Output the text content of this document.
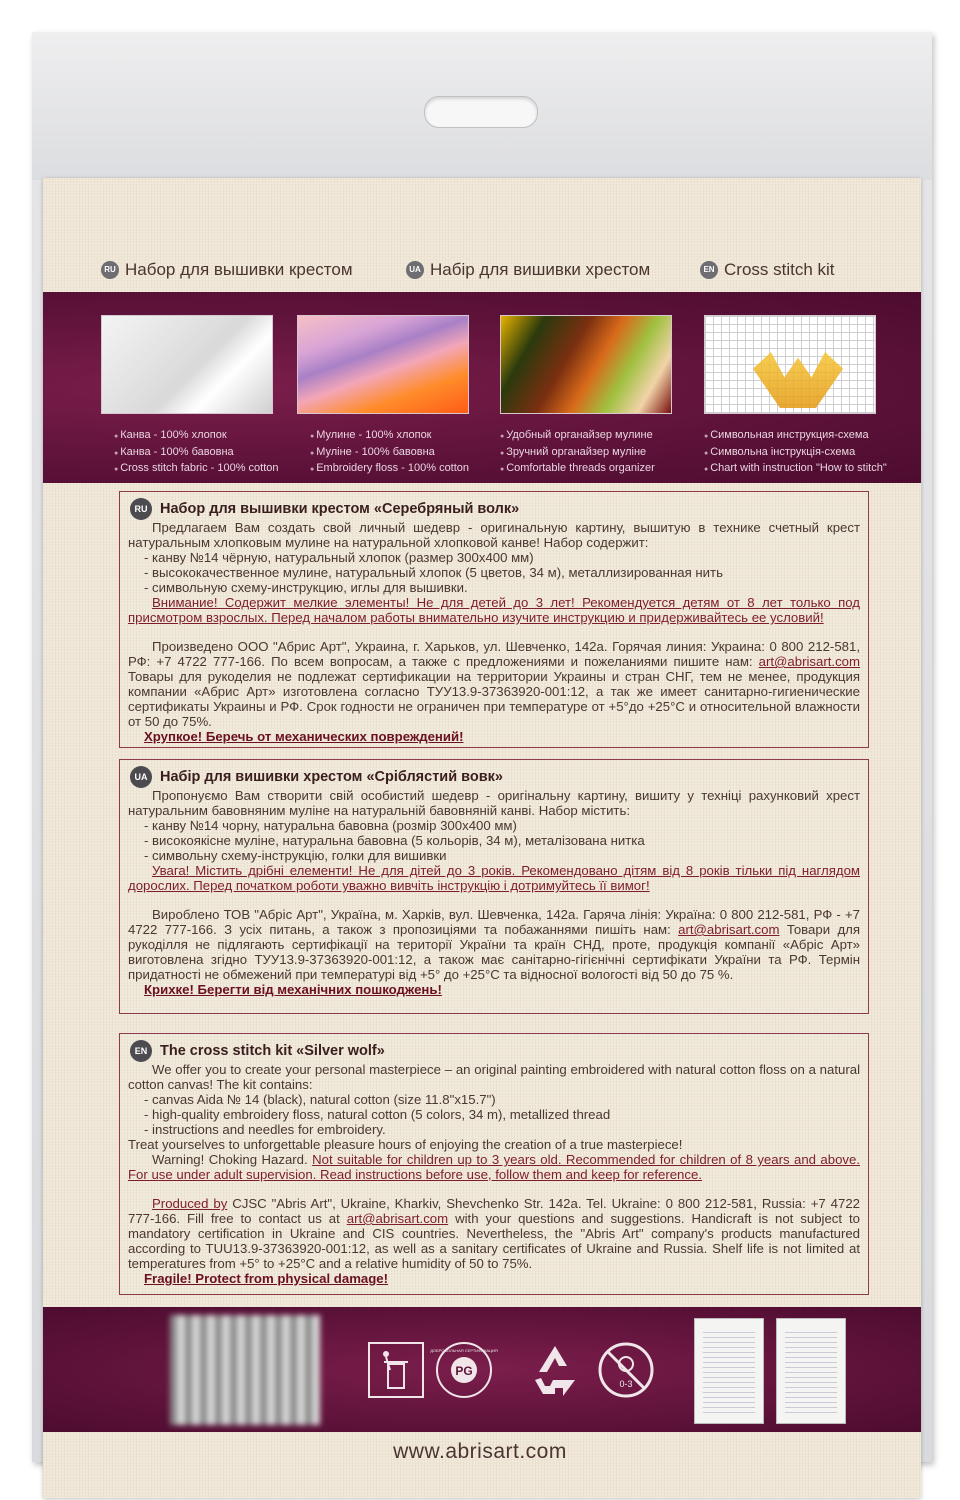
RU Набор для вышивки крестом	UA Набір для вишивки хрестом	EN Cross stitch kit
● Канва - 100% хлопок
● Канва - 100% бавовна
● Cross stitch fabric - 100% cotton
● Мулине - 100% хлопок
● Муліне - 100% бавовна
● Embroidery floss - 100% cotton
● Удобный органайзер мулине
● Зручний органайзер муліне
● Comfortable threads organizer
● Символьная инструкция-схема
● Символьна інструкція-схема
● Chart with instruction "How to stitch"
RU Набор для вышивки крестом «Серебряный волк»
Предлагаем Вам создать свой личный шедевр - оригинальную картину, вышитую в технике счетный крест натуральным хлопковым мулине на натуральной хлопковой канве! Набор содержит:
- канву №14 чёрную, натуральный хлопок (размер 300х400 мм)
- высококачественное мулине, натуральный хлопок (5 цветов, 34 м), металлизированная нить
- символьную схему-инструкцию, иглы для вышивки.
Внимание! Содержит мелкие элементы! Не для детей до 3 лет! Рекомендуется детям от 8 лет только под присмотром взрослых. Перед началом работы внимательно изучите инструкцию и придерживайтесь ее условий!
Произведено ООО "Абрис Арт", Украина, г. Харьков, ул. Шевченко, 142а. Горячая линия: Украина: 0 800 212-581, РФ: +7 4722 777-166. По всем вопросам, а также с предложениями и пожеланиями пишите нам: art@abrisart.com Товары для рукоделия не подлежат сертификации на территории Украины и стран СНГ, тем не менее, продукция компании «Абрис Арт» изготовлена согласно ТУУ13.9-37363920-001:12, а так же имеет санитарно-гигиенические сертификаты Украины и РФ. Срок годности не ограничен при температуре от +5°до +25°С и относительной влажности от 50 до 75%.
Хрупкое! Беречь от механических повреждений!
UA Набір для вишивки хрестом «Сріблястий вовк»
Пропонуємо Вам створити свій особистий шедевр - оригінальну картину, вишиту у техніці рахунковий хрест натуральним бавовняним муліне на натуральній бавовняній канві. Набор містить:
- канву №14 чорну, натуральна бавовна (розмір 300х400 мм)
- високоякісне муліне, натуральна бавовна (5 кольорів, 34 м), металізована нитка
- символьну схему-інструкцію, голки для вишивки
Увага! Містить дрібні елементи! Не для дітей до 3 років. Рекомендовано дітям від 8 років тільки під наглядом дорослих. Перед початком роботи уважно вивчіть інструкцію і дотримуйтесь її вимог!
Вироблено ТОВ "Абріс Арт", Україна, м. Харків, вул. Шевченка, 142а. Гаряча лінія: Україна: 0 800 212-581, РФ - +7 4722 777-166. З усіх питань, а також з пропозиціями та побажаннями пишіть нам: art@abrisart.com Товари для рукоділля не підлягають сертифікації на території України та країн СНД, проте, продукція компанії «Абріс Арт» виготовлена згідно ТУУ13.9-37363920-001:12, а також має санітарно-гігієнічні сертифікати України та РФ. Термін придатності не обмежений при температурі від +5° до +25°С та відносної вологості від 50 до 75 %.
Крихке! Берегти від механічних пошкоджень!
EN The cross stitch kit «Silver wolf»
We offer you to create your personal masterpiece – an original painting embroidered with natural cotton floss on a natural cotton canvas! The kit contains:
- canvas Aida № 14 (black), natural cotton (size 11.8"x15.7")
- high-quality embroidery floss, natural cotton (5 colors, 34 m), metallized thread
- instructions and needles for embroidery.
Treat yourselves to unforgettable pleasure hours of enjoying the creation of a true masterpiece!
Warning! Choking Hazard. Not suitable for children up to 3 years old. Recommended for children of 8 years and above. For use under adult supervision. Read instructions before use, follow them and keep for reference.
Produced by CJSC "Abris Art", Ukraine, Kharkiv, Shevchenko Str. 142a. Tel. Ukraine: 0 800 212-581, Russia: +7 4722 777-166. Fill free to contact us at art@abrisart.com with your questions and suggestions. Handicraft is not subject to mandatory certification in Ukraine and CIS countries. Nevertheless, the "Abris Art" company's products manufactured according to TUU13.9-37363920-001:12, as well as a sanitary certificates of Ukraine and Russia. Shelf life is not limited at temperatures from +5° to +25°C and a relative humidity of 50 to 75%.
Fragile! Protect from physical damage!
PG
ДОБРОВОЛЬНАЯ СЕРТИФИКАЦИЯ
0-3
www.abrisart.com
